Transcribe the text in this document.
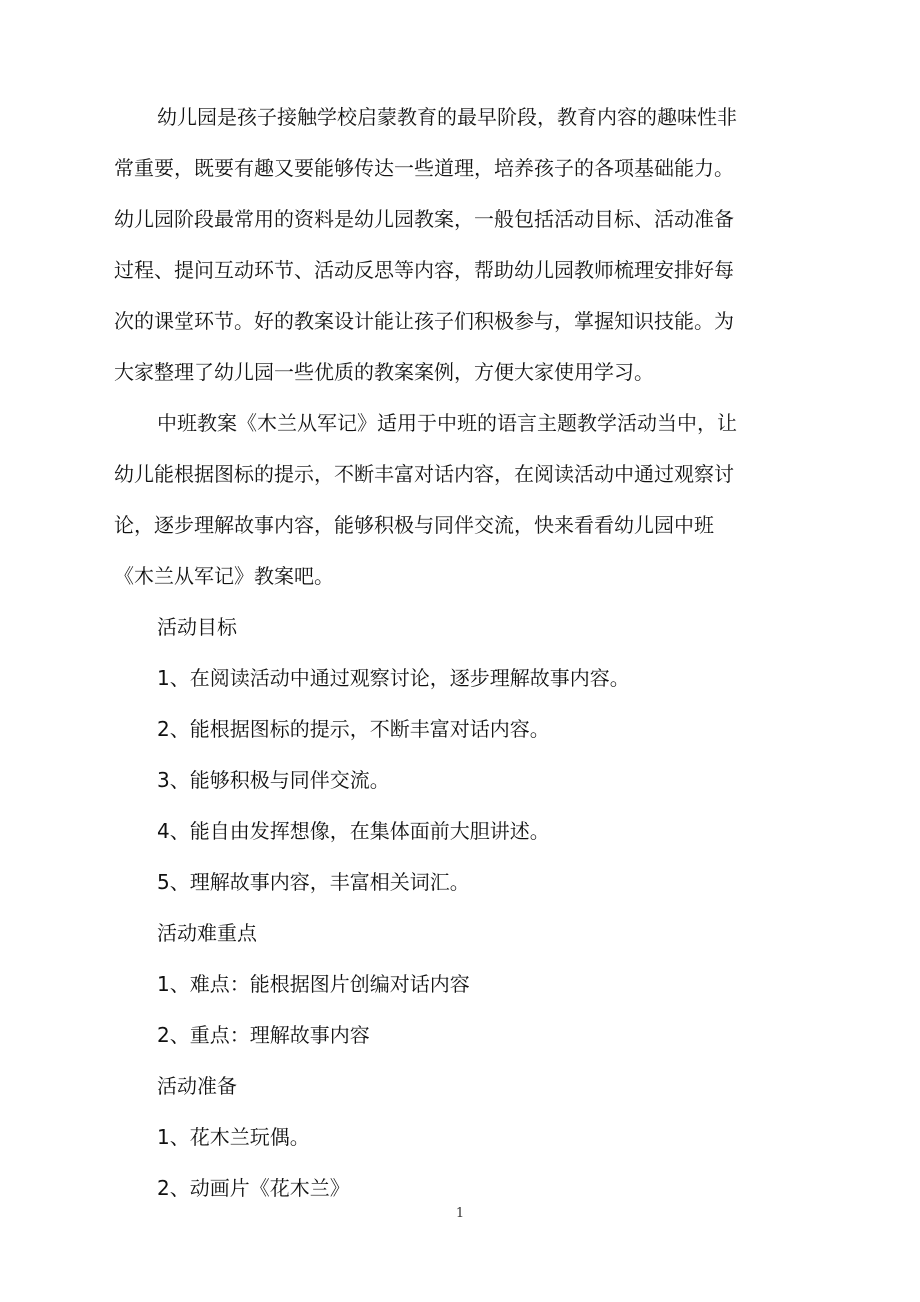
幼儿园是孩子接触学校启蒙教育的最早阶段，教育内容的趣味性非
常重要，既要有趣又要能够传达一些道理，培养孩子的各项基础能力。
幼儿园阶段最常用的资料是幼儿园教案，一般包括活动目标、活动准备
过程、提问互动环节、活动反思等内容，帮助幼儿园教师梳理安排好每
次的课堂环节。好的教案设计能让孩子们积极参与，掌握知识技能。为
大家整理了幼儿园一些优质的教案案例，方便大家使用学习。
中班教案《木兰从军记》适用于中班的语言主题教学活动当中，让
幼儿能根据图标的提示，不断丰富对话内容，在阅读活动中通过观察讨
论，逐步理解故事内容，能够积极与同伴交流，快来看看幼儿园中班
《木兰从军记》教案吧。
活动目标
1、在阅读活动中通过观察讨论，逐步理解故事内容。
2、能根据图标的提示，不断丰富对话内容。
3、能够积极与同伴交流。
4、能自由发挥想像，在集体面前大胆讲述。
5、理解故事内容，丰富相关词汇。
活动难重点
1、难点：能根据图片创编对话内容
2、重点：理解故事内容
活动准备
1、花木兰玩偶。
2、动画片《花木兰》
1
